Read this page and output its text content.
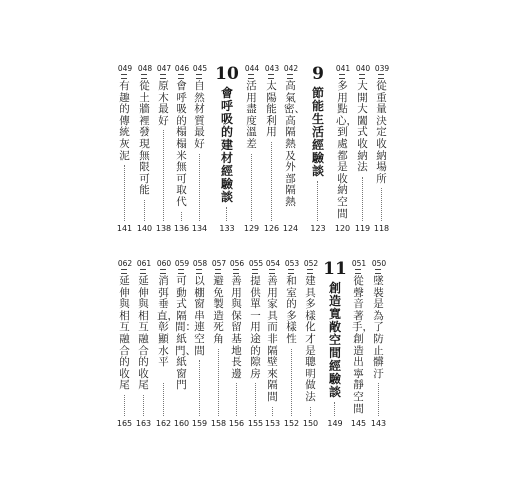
049
有趣的傳統灰泥
141
048
從土牆裡發現無限可能
140
047
原木最好
138
046
會呼吸的榻榻米無可取代
136
045
自然材質最好
134
10
會呼吸的建材經驗談
133
044
活用盡度溫差
129
043
太陽能利用
126
042
高氣密、高隔熱及外部隔熱
124
9
節能生活經驗談
123
041
多用點心，到處都是收納空間
120
040
大開大闔式收納法
119
039
從重量決定收納場所
118
062
延伸與相互融合的收尾
165
061
延伸與相互融合的收尾
163
060
消弭垂直，彰顯水平
162
059
可動式隔間：紙門、紙窗門
160
058
以棚窗串連空間
159
057
避免製造死角
158
056
善用與保留基地長邊
156
055
提供單一用途的隙房
155
054
善用家具而非隔壁來隔間
153
053
和室的多樣性
152
052
建具多樣化才是聰明做法
150
11
創造寬敞空間經驗談
149
051
從聲音著手，創造出寧靜空間
145
050
墜裝是為了防止髒汙
143
